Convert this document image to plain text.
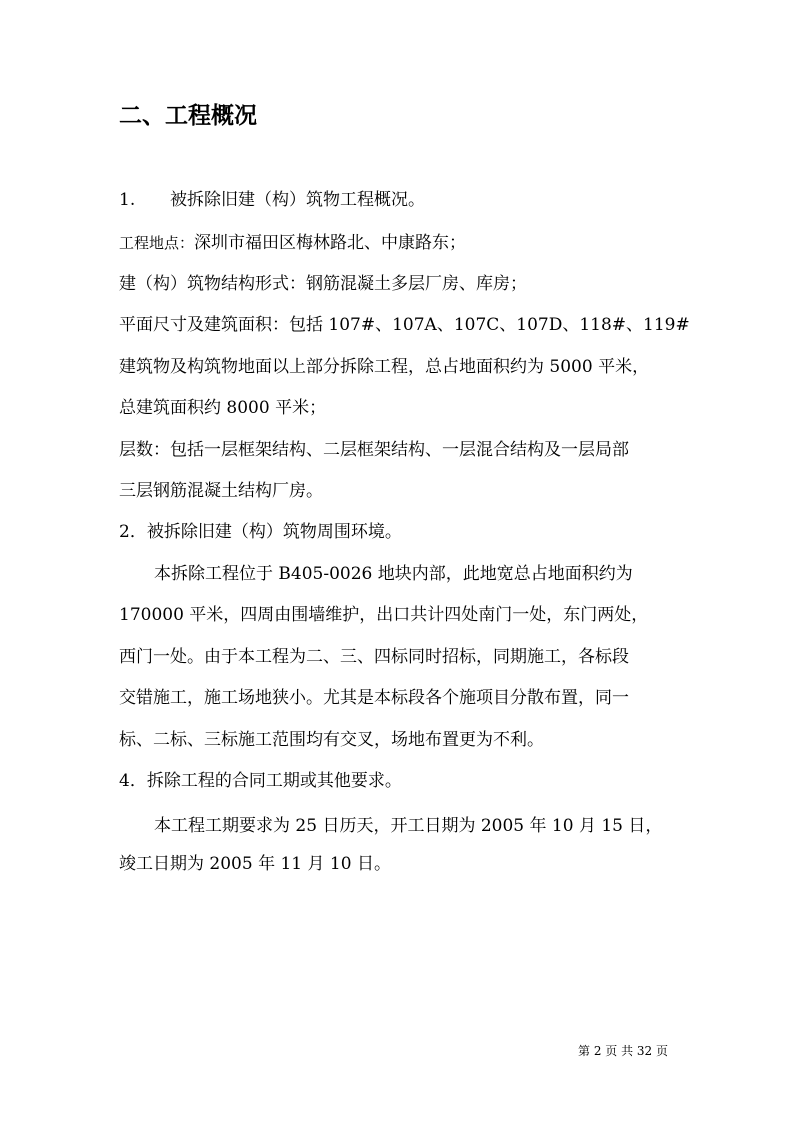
二、工程概况
1. 被拆除旧建（构）筑物工程概况。
工程地点：深圳市福田区梅林路北、中康路东；
建（构）筑物结构形式：钢筋混凝土多层厂房、库房；
平面尺寸及建筑面积：包括 107#、107A、107C、107D、118#、119#
建筑物及构筑物地面以上部分拆除工程，总占地面积约为 5000 平米，
总建筑面积约 8000 平米；
层数：包括一层框架结构、二层框架结构、一层混合结构及一层局部
三层钢筋混凝土结构厂房。
2．被拆除旧建（构）筑物周围环境。
本拆除工程位于 B405-0026 地块内部，此地宽总占地面积约为
170000 平米，四周由围墙维护，出口共计四处南门一处，东门两处，
西门一处。由于本工程为二、三、四标同时招标，同期施工，各标段
交错施工，施工场地狭小。尤其是本标段各个施项目分散布置，同一
标、二标、三标施工范围均有交叉，场地布置更为不利。
4．拆除工程的合同工期或其他要求。
本工程工期要求为 25 日历天，开工日期为 2005 年 10 月 15 日，
竣工日期为 2005 年 11 月 10 日。
第 2 页 共 32 页
